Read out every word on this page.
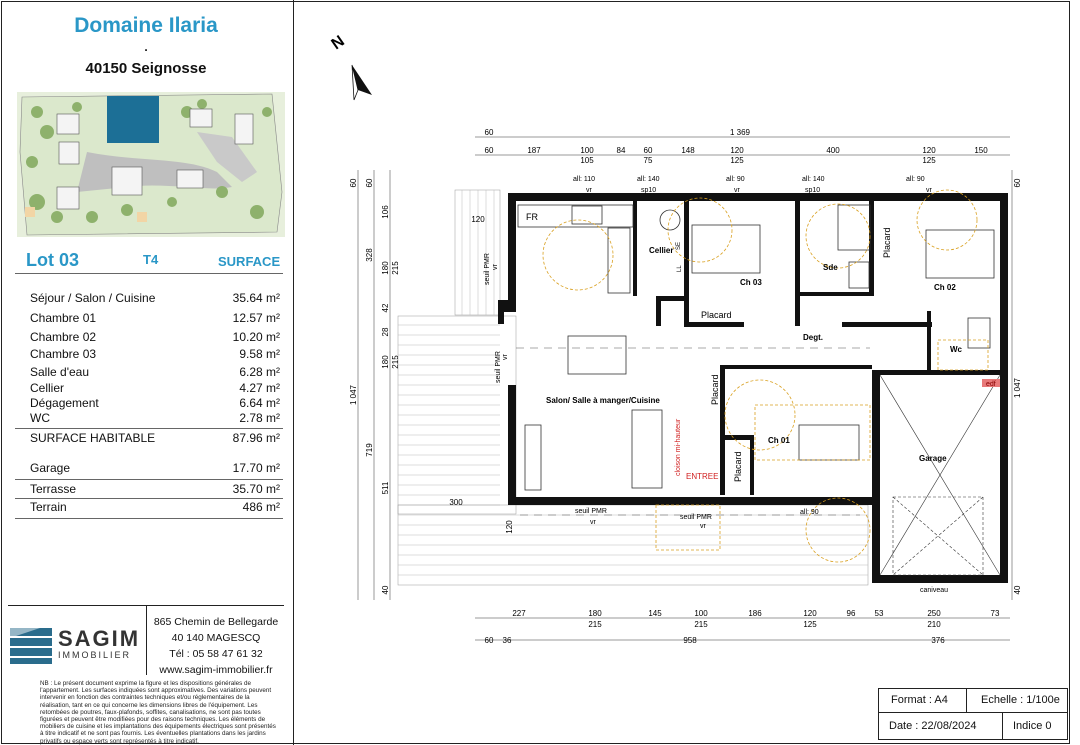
Domaine Ilaria
.
40150 Seignosse
Lot 03	T4	SURFACE
Séjour / Salon / Cuisine	35.64 m²
Chambre 01	12.57 m²
Chambre 02	10.20 m²
Chambre 03	9.58 m²
Salle d'eau	6.28 m²
Cellier	4.27 m²
Dégagement	6.64 m²
WC	2.78 m²
SURFACE HABITABLE	87.96 m²
Garage	17.70 m²
Terrasse	35.70 m²
Terrain	486 m²
SAGIM
IMMOBILIER
865 Chemin de Bellegarde
40 140 MAGESCQ
Tél : 05 58 47 61 32
www.sagim-immobilier.fr
NB : Le présent document exprime la figure et les dispositions générales de l'appartement. Les surfaces indiquées sont approximatives. Des variations peuvent intervenir en fonction des contraintes techniques et/ou réglementaires de la réalisation, tant en ce qui concerne les dimensions libres de l'équipement. Les retombées de poutres, faux-plafonds, soffites, canalisations, ne sont pas toutes figurées et peuvent être modifiées pour des raisons techniques. Les éléments de mobiliers de cuisine et les implantations des équipements électriques sont présentés à titre indicatif et ne sont pas fournis. Les éventuelles plantations dans les jardins privatifs ou espace verts sont représentés à titre indicatif.
Format : A4	Echelle : 1/100e
Date : 22/08/2024	Indice 0
N
Salon/ Salle à manger/Cuisine
Ch 03
Ch 02
Ch 01
Sde
Wc
Degt.
Cellier
Garage
Placard
Placard
Placard
Placard
FR
ENTREE
cloison mi-hauteur
caniveau
edf
LL
SE
all: 110	all: 140	all: 90	all: 140	all: 90
all: 90
vr	sp10	vr	sp10	vr
seuil PMR
vr
seuil PMR
vr
seuil PMR vr
seuil PMR vr
1 369
60
60	187	100	84 60	148	120	400	120	150
105	75	125	125
227	180	145	100	186	120	96 53	250	73
215	215	125	210
60 36	958	376
1 047
60
328
719
40
60
106
180
42
28
180
511
120
215
215
60
1 047
40
120
300
